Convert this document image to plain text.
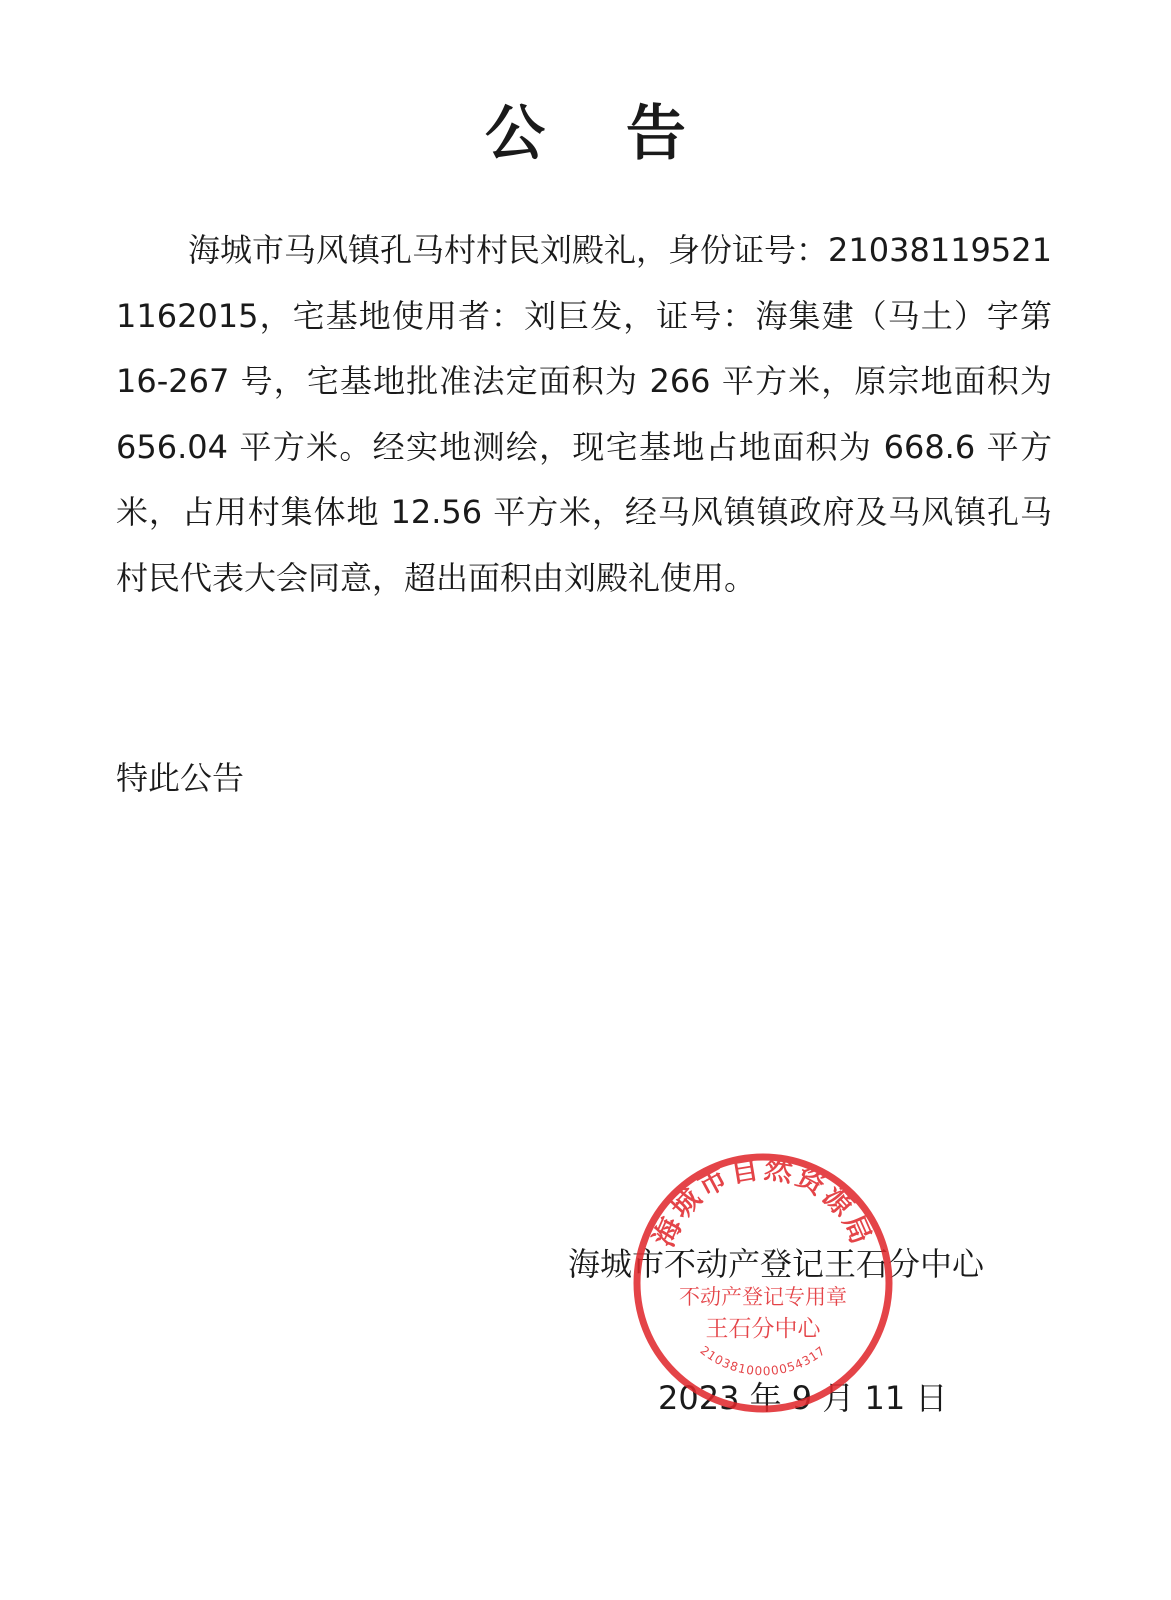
公 告

海城市马风镇孔马村村民刘殿礼，身份证号：210381195211162015，宅基地使用者：刘巨发，证号：海集建（马土）字第 16-267 号，宅基地批准法定面积为 266 平方米，原宗地面积为 656.04 平方米。经实地测绘，现宅基地占地面积为 668.6 平方米，占用村集体地 12.56 平方米，经马风镇镇政府及马风镇孔马村民代表大会同意，超出面积由刘殿礼使用。

特此公告
海城市不动产登记王石分中心
2023 年 9 月 11 日
海城市自然资源局
不动产登记专用章
王石分中心
2103810000054317
